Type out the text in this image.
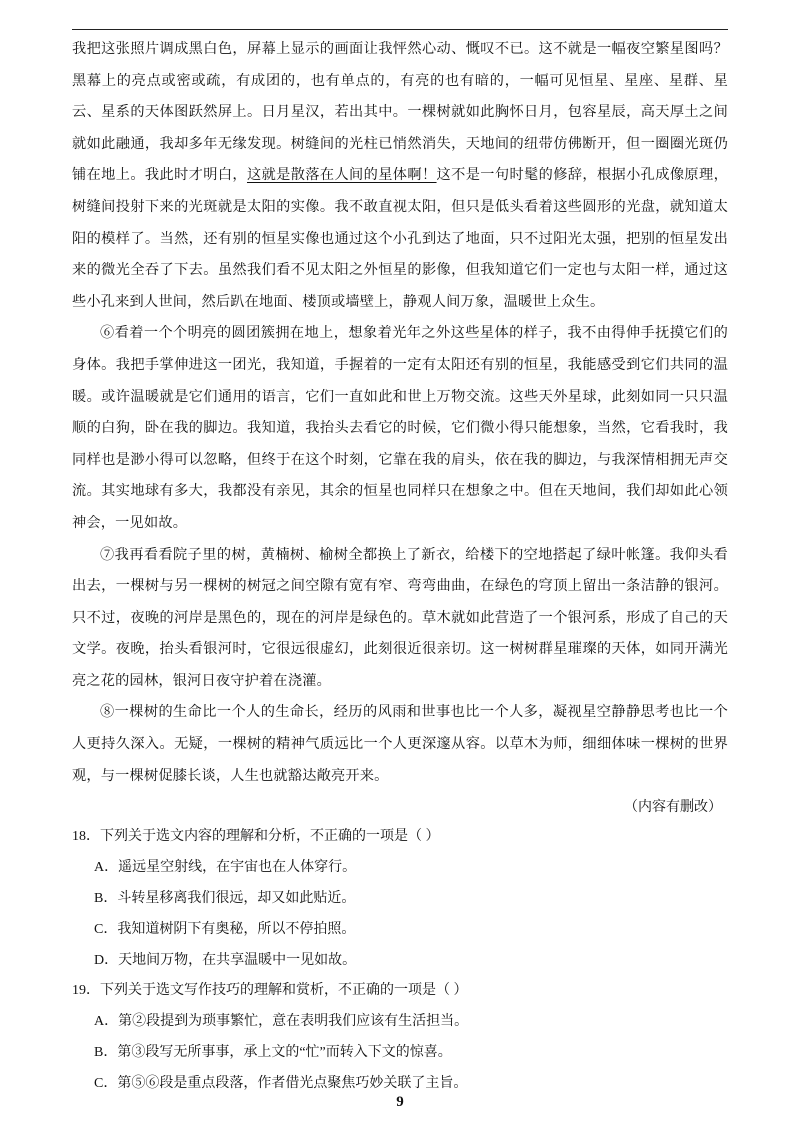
我把这张照片调成黑白色，屏幕上显示的画面让我怦然心动、慨叹不已。这不就是一幅夜空繁星图吗？黑幕上的亮点或密或疏，有成团的，也有单点的，有亮的也有暗的，一幅可见恒星、星座、星群、星云、星系的天体图跃然屏上。日月星汉，若出其中。一棵树就如此胸怀日月，包容星辰，高天厚土之间就如此融通，我却多年无缘发现。树缝间的光柱已悄然消失，天地间的纽带仿佛断开，但一圈圈光斑仍铺在地上。我此时才明白，这就是散落在人间的星体啊！这不是一句时髦的修辞，根据小孔成像原理，树缝间投射下来的光斑就是太阳的实像。我不敢直视太阳，但只是低头看着这些圆形的光盘，就知道太阳的模样了。当然，还有别的恒星实像也通过这个小孔到达了地面，只不过阳光太强，把别的恒星发出来的微光全吞了下去。虽然我们看不见太阳之外恒星的影像，但我知道它们一定也与太阳一样，通过这些小孔来到人世间，然后趴在地面、楼顶或墙壁上，静观人间万象，温暖世上众生。

⑥看着一个个明亮的圆团簇拥在地上，想象着光年之外这些星体的样子，我不由得伸手抚摸它们的身体。我把手掌伸进这一团光，我知道，手握着的一定有太阳还有别的恒星，我能感受到它们共同的温暖。或许温暖就是它们通用的语言，它们一直如此和世上万物交流。这些天外星球，此刻如同一只只温顺的白狗，卧在我的脚边。我知道，我抬头去看它的时候，它们微小得只能想象，当然，它看我时，我同样也是渺小得可以忽略，但终于在这个时刻，它靠在我的肩头，依在我的脚边，与我深情相拥无声交流。其实地球有多大，我都没有亲见，其余的恒星也同样只在想象之中。但在天地间，我们却如此心领神会，一见如故。

⑦我再看看院子里的树，黄楠树、榆树全都换上了新衣，给楼下的空地搭起了绿叶帐篷。我仰头看出去，一棵树与另一棵树的树冠之间空隙有宽有窄、弯弯曲曲，在绿色的穹顶上留出一条洁静的银河。只不过，夜晚的河岸是黑色的，现在的河岸是绿色的。草木就如此营造了一个银河系，形成了自己的天文学。夜晚，抬头看银河时，它很远很虚幻，此刻很近很亲切。这一树树群星璀璨的天体，如同开满光亮之花的园林，银河日夜守护着在浇灌。

⑧一棵树的生命比一个人的生命长，经历的风雨和世事也比一个人多，凝视星空静静思考也比一个人更持久深入。无疑，一棵树的精神气质远比一个人更深邃从容。以草木为师，细细体味一棵树的世界观，与一棵树促膝长谈，人生也就豁达敞亮开来。

（内容有删改）

18．下列关于选文内容的理解和分析，不正确的一项是（ ）

A．遥远星空射线，在宇宙也在人体穿行。

B．斗转星移离我们很远，却又如此贴近。

C．我知道树阴下有奥秘，所以不停拍照。

D．天地间万物，在共享温暖中一见如故。

19．下列关于选文写作技巧的理解和赏析，不正确的一项是（ ）

A．第②段提到为琐事繁忙，意在表明我们应该有生活担当。

B．第③段写无所事事，承上文的“忙”而转入下文的惊喜。

C．第⑤⑥段是重点段落，作者借光点聚焦巧妙关联了主旨。

9
